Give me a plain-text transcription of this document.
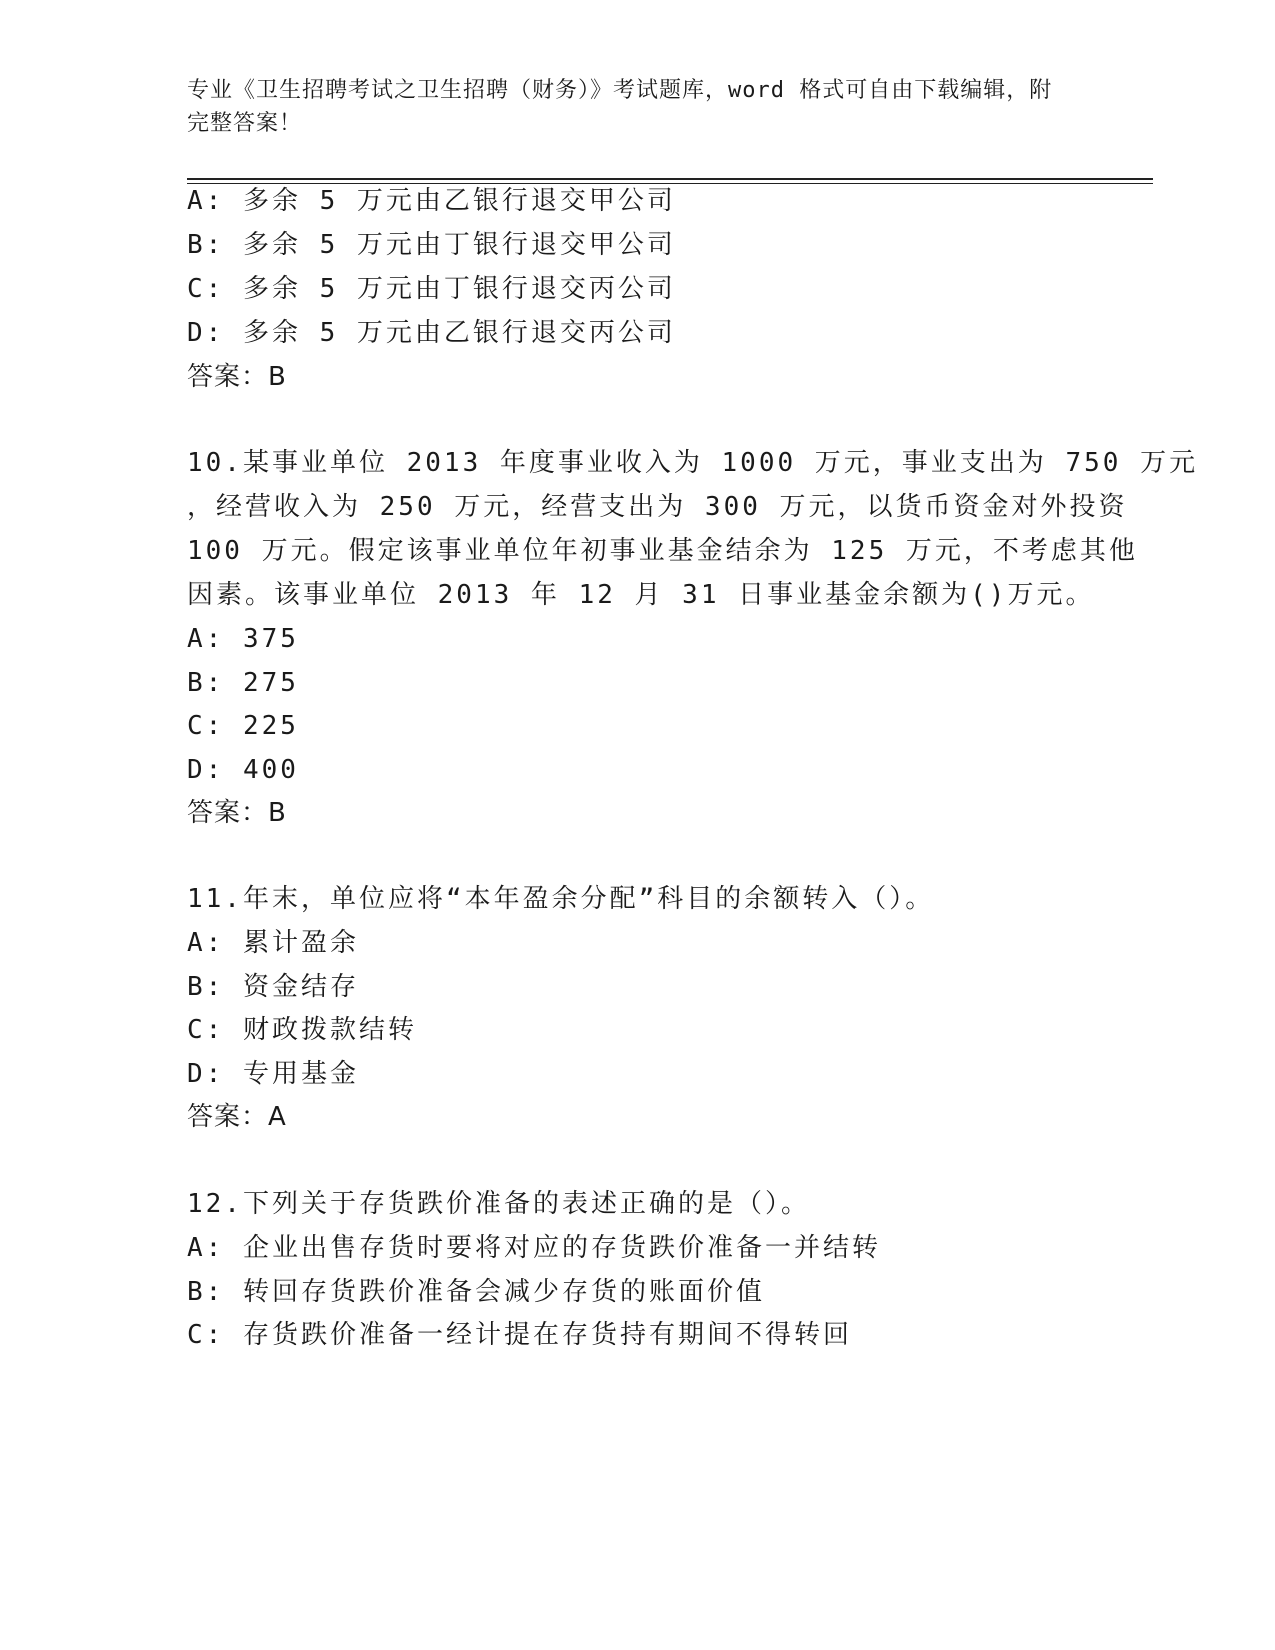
专业《卫生招聘考试之卫生招聘（财务）》考试题库，word 格式可自由下载编辑，附完整答案！
A: 多余 5 万元由乙银行退交甲公司
B: 多余 5 万元由丁银行退交甲公司
C: 多余 5 万元由丁银行退交丙公司
D: 多余 5 万元由乙银行退交丙公司
答案：B
10.某事业单位 2013 年度事业收入为 1000 万元，事业支出为 750 万元
，经营收入为 250 万元，经营支出为 300 万元，以货币资金对外投资
100 万元。假定该事业单位年初事业基金结余为 125 万元，不考虑其他
因素。该事业单位 2013 年 12 月 31 日事业基金余额为()万元。
A: 375
B: 275
C: 225
D: 400
答案：B
11.年末，单位应将“本年盈余分配”科目的余额转入（）。
A: 累计盈余
B: 资金结存
C: 财政拨款结转
D: 专用基金
答案：A
12.下列关于存货跌价准备的表述正确的是（）。
A: 企业出售存货时要将对应的存货跌价准备一并结转
B: 转回存货跌价准备会减少存货的账面价值
C: 存货跌价准备一经计提在存货持有期间不得转回
